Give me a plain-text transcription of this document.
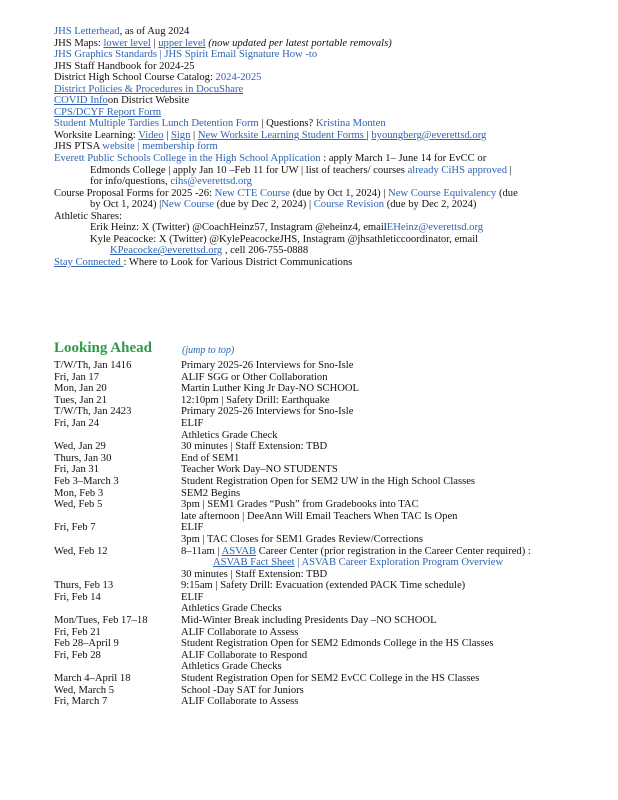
JHS Letterhead, as of Aug 2024
JHS Maps: lower level | upper level (now updated per latest portable removals)
JHS Graphics Standards | JHS Spirit Email Signature How -to
JHS Staff Handbook for 2024-25
District High School Course Catalog: 2024-2025
District Policies & Procedures in DocuShare
COVID Infoon District Website
CPS/DCYF Report Form
Student Multiple Tardies Lunch Detention Form | Questions? Kristina Monten
Worksite Learning: Video | Sign | New Worksite Learning Student Forms | byoungberg@everettsd.org
JHS PTSA website | membership form
Everett Public Schools College in the High School Application : apply March 1– June 14 for EvCC or
Edmonds College | apply Jan 10 –Feb 11 for UW | list of teachers/ courses already CiHS approved |
for info/questions, cihs@everettsd.org
Course Proposal Forms for 2025 -26: New CTE Course (due by Oct 1, 2024) | New Course Equivalency (due
by Oct 1, 2024) |New Course (due by Dec 2, 2024) | Course Revision (due by Dec 2, 2024)
Athletic Shares:
Erik Heinz: X (Twitter) @CoachHeinz57, Instagram @eheinz4, emailEHeinz@everettsd.org
Kyle Peacocke: X (Twitter) @KylePeacockeJHS, Instagram @jhsathleticcoordinator, email
KPeacocke@everettsd.org , cell 206-755-0888
Stay Connected : Where to Look for Various District Communications
Looking Ahead	(jump to top)
T/W/Th, Jan 1416	Primary 2025-26 Interviews for Sno-Isle
Fri, Jan 17	ALIF SGG or Other Collaboration
Mon, Jan 20	Martin Luther King Jr Day-NO SCHOOL
Tues, Jan 21	12:10pm | Safety Drill: Earthquake
T/W/Th, Jan 2423	Primary 2025-26 Interviews for Sno-Isle
Fri, Jan 24	ELIF
Athletics Grade Check
Wed, Jan 29	30 minutes | Staff Extension: TBD
Thurs, Jan 30	End of SEM1
Fri, Jan 31	Teacher Work Day–NO STUDENTS
Feb 3–March 3	Student Registration Open for SEM2 UW in the High School Classes
Mon, Feb 3	SEM2 Begins
Wed, Feb 5	3pm | SEM1 Grades “Push” from Gradebooks into TAC
late afternoon | DeeAnn Will Email Teachers When TAC Is Open
Fri, Feb 7	ELIF
3pm | TAC Closes for SEM1 Grades Review/Corrections
Wed, Feb 12	8–11am | ASVAB Career Center (prior registration in the Career Center required) :
ASVAB Fact Sheet | ASVAB Career Exploration Program Overview
30 minutes | Staff Extension: TBD
Thurs, Feb 13	9:15am | Safety Drill: Evacuation (extended PACK Time schedule)
Fri, Feb 14	ELIF
Athletics Grade Checks
Mon/Tues, Feb 17–18	Mid-Winter Break including Presidents Day –NO SCHOOL
Fri, Feb 21	ALIF Collaborate to Assess
Feb 28–April 9	Student Registration Open for SEM2 Edmonds College in the HS Classes
Fri, Feb 28	ALIF Collaborate to Respond
Athletics Grade Checks
March 4–April 18	Student Registration Open for SEM2 EvCC College in the HS Classes
Wed, March 5	School -Day SAT for Juniors
Fri, March 7	ALIF Collaborate to Assess
